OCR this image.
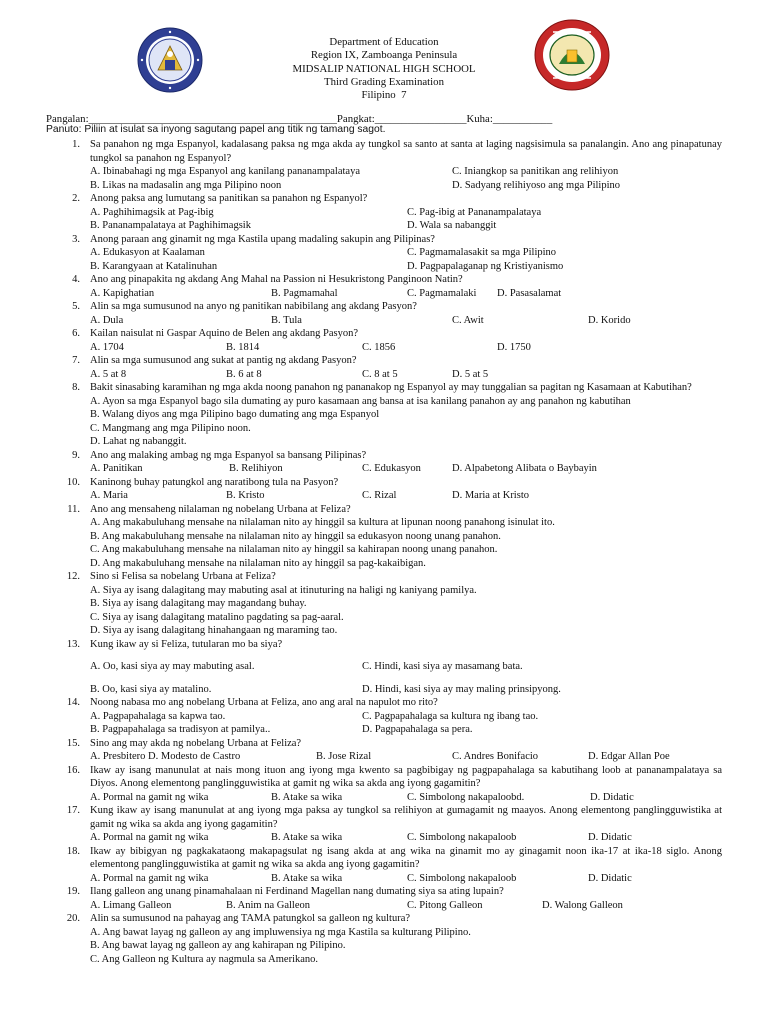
Department of Education
Region IX, Zamboanga Peninsula
MIDSALIP NATIONAL HIGH SCHOOL
Third Grading Examination
Filipino  7
Pangalan:______________________________________________Pangkat:_________________Kuha:___________
Panuto: Piliin at isulat sa inyong sagutang papel ang titik ng tamang sagot.
1. Sa panahon ng mga Espanyol, kadalasang paksa ng mga akda ay tungkol sa santo at santa at laging nagsisimula sa panalangin. Ano ang pinapatunay tungkol sa panahon ng Espanyol?
A. Ibinabahagi ng mga Espanyol ang kanilang pananampalataya	C. Iniangkop sa panitikan ang relihiyon
B. Likas na madasalin ang mga Pilipino noon	D. Sadyang relihiyoso ang mga Pilipino
2. Anong paksa ang lumutang sa panitikan sa panahon ng Espanyol?
A. Paghihimagsik at Pag-ibig	C. Pag-ibig at Pananampalataya
B. Pananampalataya at Paghihimagsik	D. Wala sa nabanggit
3. Anong paraan ang ginamit ng mga Kastila upang madaling sakupin ang Pilipinas?
A. Edukasyon at Kaalaman	C. Pagmamalasakit sa mga Pilipino
B. Karangyaan at Katalinuhan	D. Pagpapalaganap ng Kristiyanismo
4. Ano ang pinapakita ng akdang Ang Mahal na Passion ni Hesukristong Panginoon Natin?
A. Kapighatian	B. Pagmamahal	C. Pagmamalaki D. Pasasalamat
5. Alin sa mga sumusunod na anyo ng panitikan nabibilang ang akdang Pasyon?
A. Dula	B. Tula	C. Awit	D. Korido
6. Kailan naisulat ni Gaspar Aquino de Belen ang akdang Pasyon?
A. 1704	B. 1814	C. 1856	D. 1750
7. Alin sa mga sumusunod ang sukat at pantig ng akdang Pasyon?
A. 5 at 8	B. 6 at 8	C. 8 at 5	D. 5 at 5
8. Bakit sinasabing karamihan ng mga akda noong panahon ng pananakop ng Espanyol ay may tunggalian sa pagitan ng Kasamaan at Kabutihan?
A. Ayon sa mga Espanyol bago sila dumating ay puro kasamaan ang bansa at isa kanilang panahon ay ang panahon ng kabutihan
B. Walang diyos ang mga Pilipino bago dumating ang mga Espanyol
C. Mangmang ang mga Pilipino noon.
D. Lahat ng nabanggit.
9. Ano ang malaking ambag ng mga Espanyol sa bansang Pilipinas?
A. Panitikan	B. Relihiyon	C. Edukasyon	D. Alpabetong Alibata o Baybayin
10. Kaninong buhay patungkol ang naratibong tula na Pasyon?
A. Maria	B. Kristo	C. Rizal	D. Maria at Kristo
11. Ano ang mensaheng nilalaman ng nobelang Urbana at Feliza?
A. Ang makabuluhang mensahe na nilalaman nito ay hinggil sa kultura at lipunan noong panahong isinulat ito.
B. Ang makabuluhang mensahe na nilalaman nito ay hinggil sa edukasyon noong unang panahon.
C. Ang makabuluhang mensahe na nilalaman nito ay hinggil sa kahirapan noong unang panahon.
D. Ang makabuluhang mensahe na nilalaman nito ay hinggil sa pag-kakaibigan.
12. Sino si Felisa sa nobelang Urbana at Feliza?
A. Siya ay isang dalagitang may mabuting asal at itinuturing na haligi ng kaniyang pamilya.
B. Siya ay isang dalagitang may magandang buhay.
C. Siya ay isang dalagitang matalino pagdating sa pag-aaral.
D. Siya ay isang dalagitang hinahangaan ng maraming tao.
13. Kung ikaw ay si Feliza, tutularan mo ba siya?
A. Oo, kasi siya ay may mabuting asal.	C. Hindi, kasi siya ay masamang bata.
B. Oo, kasi siya ay matalino.	D. Hindi, kasi siya ay may maling prinsipyong.
14. Noong nabasa mo ang nobelang Urbana at Feliza, ano ang aral na napulot mo rito?
A. Pagpapahalaga sa kapwa tao.	C. Pagpapahalaga sa kultura ng ibang tao.
B. Pagpapahalaga sa tradisyon at pamilya..	D. Pagpapahalaga sa pera.
15. Sino ang may akda ng nobelang Urbana at Feliza?
A. Presbitero D. Modesto de Castro	B. Jose Rizal	C. Andres Bonifacio	D. Edgar Allan Poe
16. Ikaw ay isang manunulat at nais mong ituon ang iyong mga kwento sa pagbibigay ng pagpapahalaga sa kabutihang loob at pananampalataya sa Diyos. Anong elementong panglingguwistika at gamit ng wika sa akda ang iyong gagamitin?
A. Pormal na gamit ng wika	B. Atake sa wika	C. Simbolong nakapaloobd.	D. Didatic
17. Kung ikaw ay isang manunulat at ang iyong mga paksa ay tungkol sa relihiyon at gumagamit ng maayos. Anong elementong panglingguwistika at gamit ng wika sa akda ang iyong gagamitin?
A. Pormal na gamit ng wika	B. Atake sa wika	C. Simbolong nakapaloob	D. Didatic
18. Ikaw ay bibigyan ng pagkakataong makapagsulat ng isang akda at ang wika na ginamit mo ay ginagamit noon ika-17 at ika-18 siglo. Anong elementong panglingguwistika at gamit ng wika sa akda ang iyong gagamitin?
A. Pormal na gamit ng wika	B. Atake sa wika	C. Simbolong nakapaloob	D. Didatic
19. Ilang galleon ang unang pinamahalaan ni Ferdinand Magellan nang dumating siya sa ating lupain?
A. Limang Galleon	B. Anim na Galleon	C. Pitong Galleon	D. Walong Galleon
20. Alin sa sumusunod na pahayag ang TAMA patungkol sa galleon ng kultura?
A. Ang bawat layag ng galleon ay ang impluwensiya ng mga Kastila sa kulturang Pilipino.
B. Ang bawat layag ng galleon ay ang kahirapan ng Pilipino.
C. Ang Galleon ng Kultura ay nagmula sa Amerikano.
